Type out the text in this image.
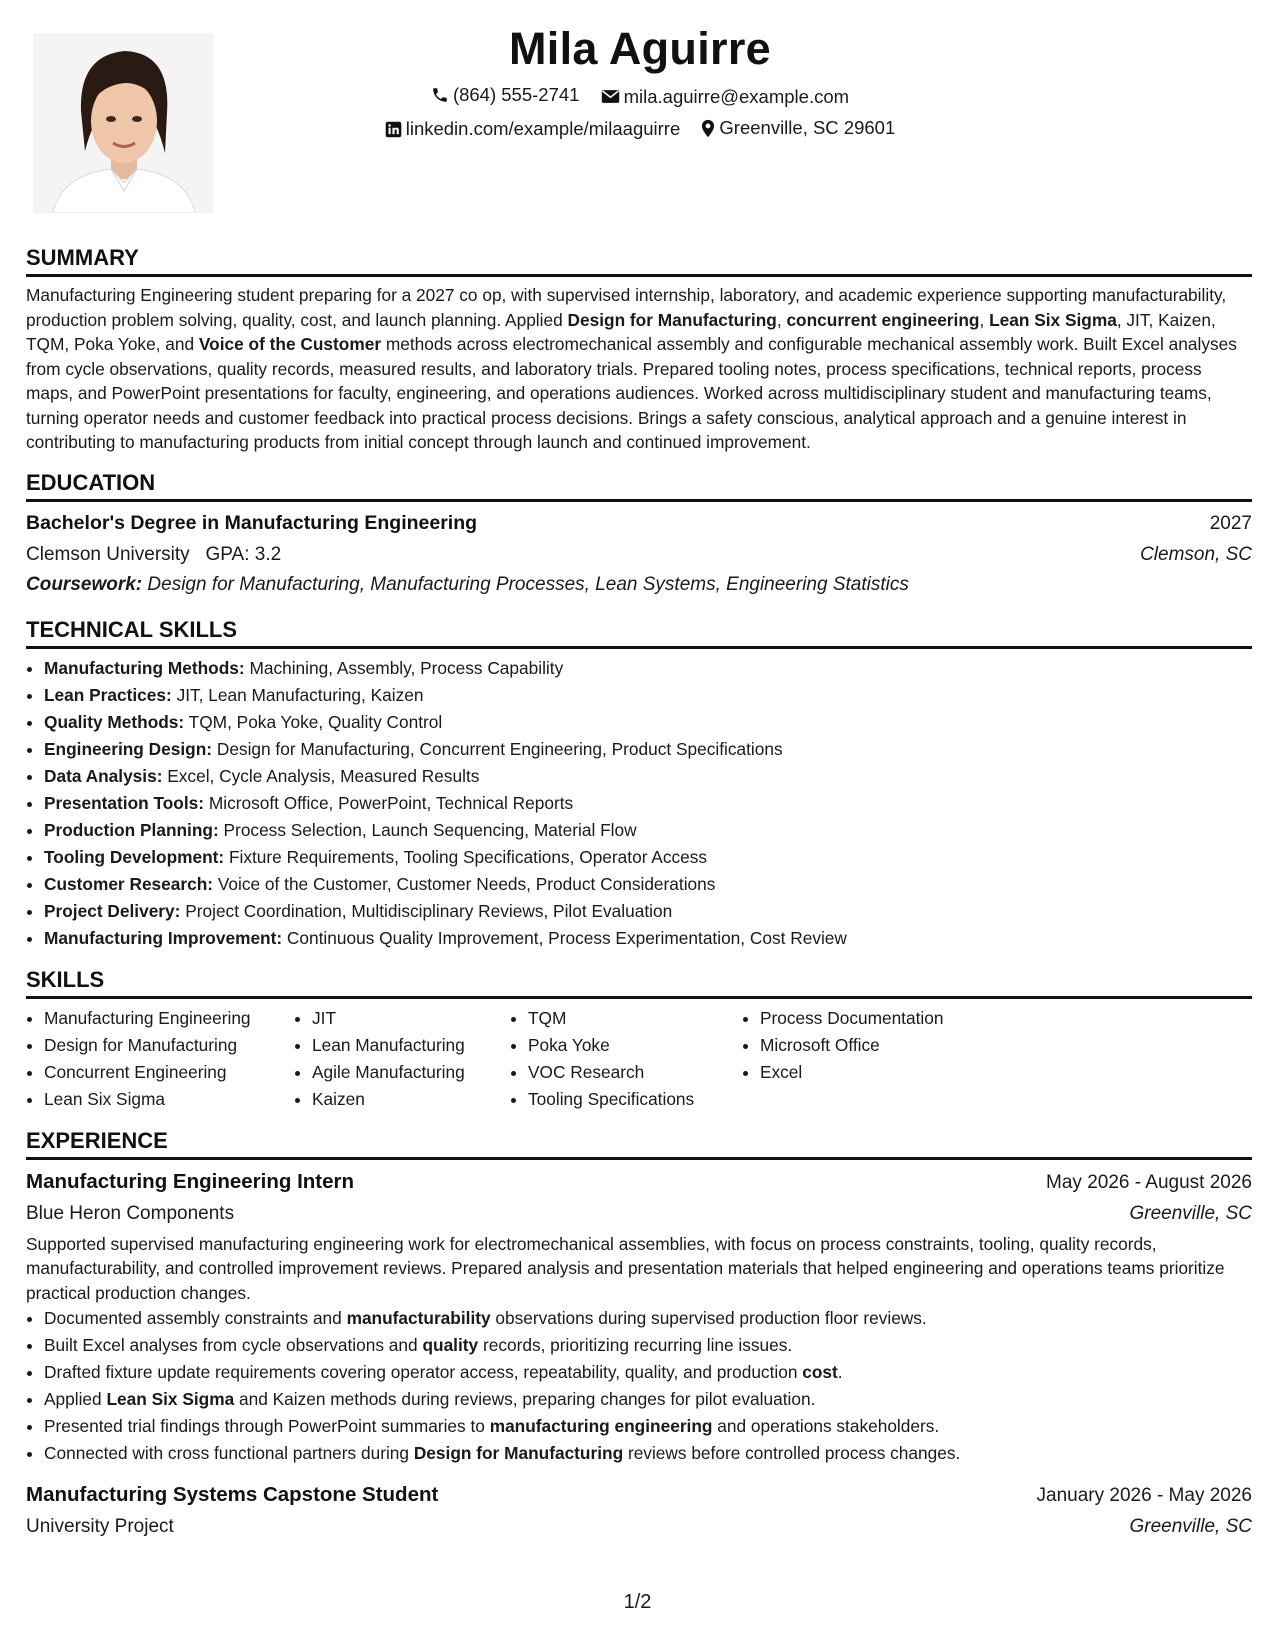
Mila Aguirre
(864) 555-2741
mila.aguirre@example.com
linkedin.com/example/milaaguirre
Greenville, SC 29601
SUMMARY

Manufacturing Engineering student preparing for a 2027 co op, with supervised internship, laboratory, and academic experience supporting manufacturability, production problem solving, quality, cost, and launch planning. Applied Design for Manufacturing, concurrent engineering, Lean Six Sigma, JIT, Kaizen, TQM, Poka Yoke, and Voice of the Customer methods across electromechanical assembly and configurable mechanical assembly work. Built Excel analyses from cycle observations, quality records, measured results, and laboratory trials. Prepared tooling notes, process specifications, technical reports, process maps, and PowerPoint presentations for faculty, engineering, and operations audiences. Worked across multidisciplinary student and manufacturing teams, turning operator needs and customer feedback into practical process decisions. Brings a safety conscious, analytical approach and a genuine interest in contributing to manufacturing products from initial concept through launch and continued improvement.

EDUCATION
Bachelor's Degree in Manufacturing Engineering	2027
Clemson University GPA: 3.2	Clemson, SC
Coursework: Design for Manufacturing, Manufacturing Processes, Lean Systems, Engineering Statistics
TECHNICAL SKILLS
• Manufacturing Methods: Machining, Assembly, Process Capability
• Lean Practices: JIT, Lean Manufacturing, Kaizen
• Quality Methods: TQM, Poka Yoke, Quality Control
• Engineering Design: Design for Manufacturing, Concurrent Engineering, Product Specifications
• Data Analysis: Excel, Cycle Analysis, Measured Results
• Presentation Tools: Microsoft Office, PowerPoint, Technical Reports
• Production Planning: Process Selection, Launch Sequencing, Material Flow
• Tooling Development: Fixture Requirements, Tooling Specifications, Operator Access
• Customer Research: Voice of the Customer, Customer Needs, Product Considerations
• Project Delivery: Project Coordination, Multidisciplinary Reviews, Pilot Evaluation
• Manufacturing Improvement: Continuous Quality Improvement, Process Experimentation, Cost Review
SKILLS
• Manufacturing Engineering
• Design for Manufacturing
• Concurrent Engineering
• Lean Six Sigma
• JIT
• Lean Manufacturing
• Agile Manufacturing
• Kaizen
• TQM
• Poka Yoke
• VOC Research
• Tooling Specifications
• Process Documentation
• Microsoft Office
• Excel
EXPERIENCE
Manufacturing Engineering Intern	May 2026 - August 2026
Blue Heron Components	Greenville, SC

Supported supervised manufacturing engineering work for electromechanical assemblies, with focus on process constraints, tooling, quality records, manufacturability, and controlled improvement reviews. Prepared analysis and presentation materials that helped engineering and operations teams prioritize practical production changes.

• Documented assembly constraints and manufacturability observations during supervised production floor reviews.
• Built Excel analyses from cycle observations and quality records, prioritizing recurring line issues.
• Drafted fixture update requirements covering operator access, repeatability, quality, and production cost.
• Applied Lean Six Sigma and Kaizen methods during reviews, preparing changes for pilot evaluation.
• Presented trial findings through PowerPoint summaries to manufacturing engineering and operations stakeholders.
• Connected with cross functional partners during Design for Manufacturing reviews before controlled process changes.
Manufacturing Systems Capstone Student	January 2026 - May 2026
University Project	Greenville, SC
1/2
